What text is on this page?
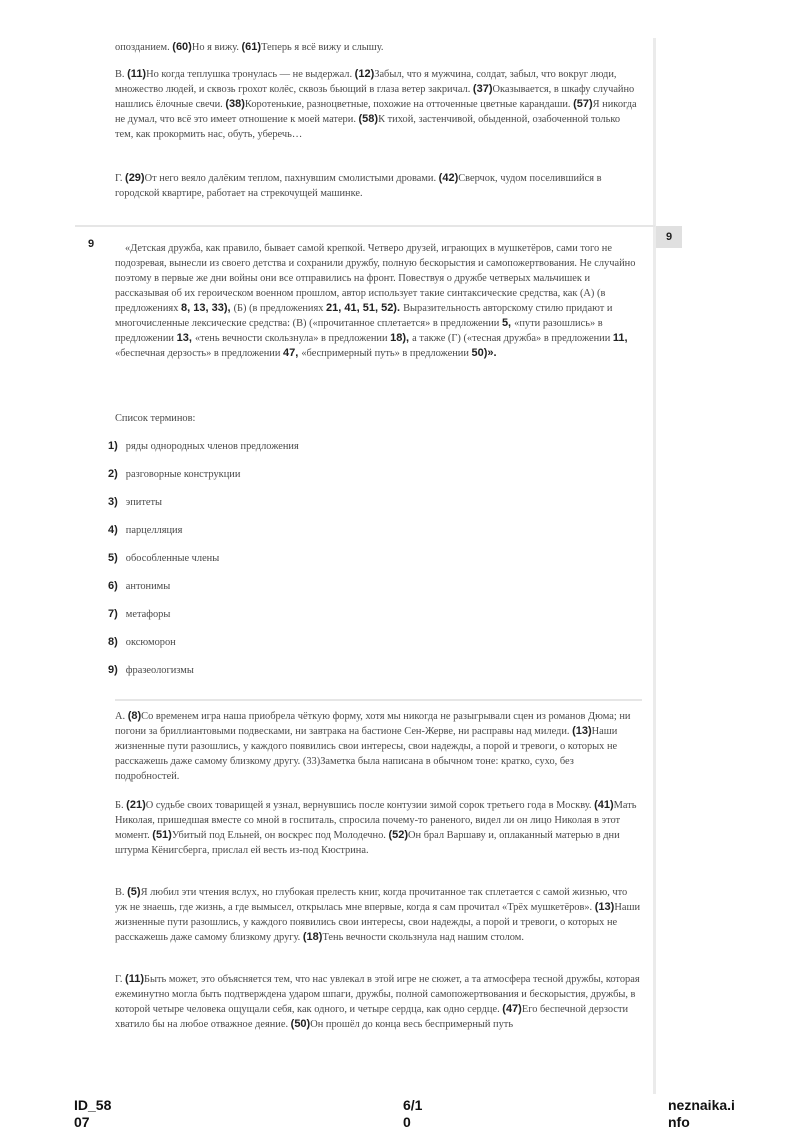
опозданием. (60)Но я вижу. (61)Теперь я всё вижу и слышу.

В. (11)Но когда теплушка тронулась — не выдержал. (12)Забыл, что я мужчина, солдат, забыл, что вокруг люди, множество людей, и сквозь грохот колёс, сквозь бьющий в глаза ветер закричал. (37)Оказывается, в шкафу случайно нашлись ёлочные свечи. (38)Коротенькие, разноцветные, похожие на отточенные цветные карандаши. (57)Я никогда не думал, что всё это имеет отношение к моей матери. (58)К тихой, застенчивой, обыденной, озабоченной только тем, как прокормить нас, обуть, уберечь…

Г. (29)От него веяло далёким теплом, пахнувшим смолистыми дровами. (42)Сверчок, чудом поселившийся в городской квартире, работает на стрекочущей машинке.

9
9

«Детская дружба, как правило, бывает самой крепкой. Четверо друзей, играющих в мушкетёров, сами того не подозревая, вынесли из своего детства и сохранили дружбу, полную бескорыстия и самопожертвования. Не случайно поэтому в первые же дни войны они все отправились на фронт. Повествуя о дружбе четверых мальчишек и рассказывая об их героическом военном прошлом, автор использует такие синтаксические средства, как (А) (в предложениях 8, 13, 33), (Б) (в предложениях 21, 41, 51, 52). Выразительность авторскому стилю придают и многочисленные лексические средства: (В) («прочитанное сплетается» в предложении 5, «пути разошлись» в предложении 13, «тень вечности скользнула» в предложении 18), а также (Г) («тесная дружба» в предложении 11, «беспечная дерзость» в предложении 47, «беспримерный путь» в предложении 50)».

Список терминов:
1) ряды однородных членов предложения
2) разговорные конструкции
3) эпитеты
4) парцелляция
5) обособленные члены
6) антонимы
7) метафоры
8) оксюморон
9) фразеологизмы

А. (8)Со временем игра наша приобрела чёткую форму, хотя мы никогда не разыгрывали сцен из романов Дюма; ни погони за бриллиантовыми подвесками, ни завтрака на бастионе Сен-Жерве, ни расправы над миледи. (13)Наши жизненные пути разошлись, у каждого появились свои интересы, свои надежды, а порой и тревоги, о которых не расскажешь даже самому близкому другу. (33)Заметка была написана в обычном тоне: кратко, сухо, без подробностей.

Б. (21)О судьбе своих товарищей я узнал, вернувшись после контузии зимой сорок третьего года в Москву. (41)Мать Николая, пришедшая вместе со мной в госпиталь, спросила почему-то раненого, видел ли он лицо Николая в этот момент. (51)Убитый под Ельней, он воскрес под Молодечно. (52)Он брал Варшаву и, оплаканный матерью в дни штурма Кёнигсберга, прислал ей весть из-под Кюстрина.

В. (5)Я любил эти чтения вслух, но глубокая прелесть книг, когда прочитанное так сплетается с самой жизнью, что уж не знаешь, где жизнь, а где вымысел, открылась мне впервые, когда я сам прочитал «Трёх мушкетёров». (13)Наши жизненные пути разошлись, у каждого появились свои интересы, свои надежды, а порой и тревоги, о которых не расскажешь даже самому близкому другу. (18)Тень вечности скользнула над нашим столом.

Г. (11)Быть может, это объясняется тем, что нас увлекал в этой игре не сюжет, а та атмосфера тесной дружбы, которая ежеминутно могла быть подтверждена ударом шпаги, дружбы, полной самопожертвования и бескорыстия, дружбы, в которой четыре человека ощущали себя, как одного, и четыре сердца, как одно сердце. (47)Его беспечной дерзости хватило бы на любое отважное деяние. (50)Он прошёл до конца весь беспримерный путь

ID_58
07
6/1
0
neznaika.i
nfo
